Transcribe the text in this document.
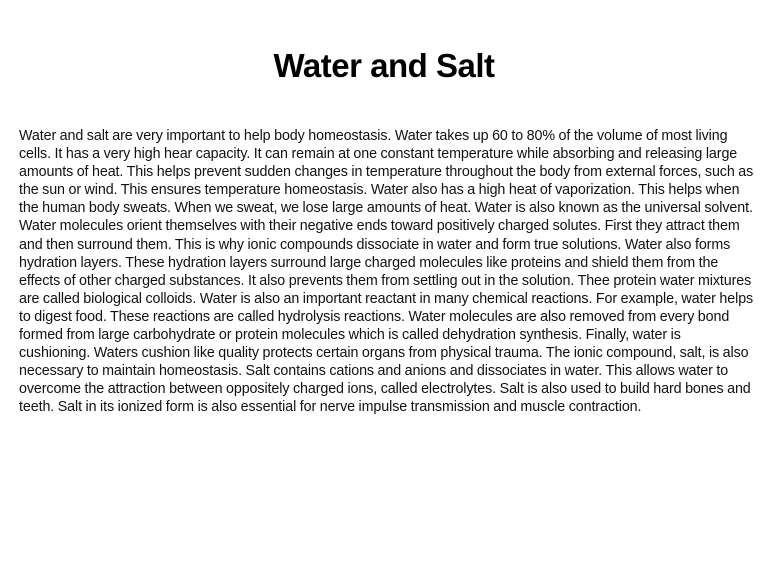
Water and Salt

Water and salt are very important to help body homeostasis. Water takes up 60 to 80% of the volume of most living cells. It has a very high hear capacity. It can remain at one constant temperature while absorbing and releasing large amounts of heat. This helps prevent sudden changes in temperature throughout the body from external forces, such as the sun or wind. This ensures temperature homeostasis. Water also has a high heat of vaporization. This helps when the human body sweats. When we sweat, we lose large amounts of heat. Water is also known as the universal solvent. Water molecules orient themselves with their negative ends toward positively charged solutes. First they attract them and then surround them. This is why ionic compounds dissociate in water and form true solutions. Water also forms hydration layers. These hydration layers surround large charged molecules like proteins and shield them from the effects of other charged substances. It also prevents them from settling out in the solution. Thee protein water mixtures are called biological colloids. Water is also an important reactant in many chemical reactions. For example, water helps to digest food. These reactions are called hydrolysis reactions. Water molecules are also removed from every bond formed from large carbohydrate or protein molecules which is called dehydration synthesis. Finally, water is cushioning. Waters cushion like quality protects certain organs from physical trauma. The ionic compound, salt, is also necessary to maintain homeostasis. Salt contains cations and anions and dissociates in water. This allows water to overcome the attraction between oppositely charged ions, called electrolytes. Salt is also used to build hard bones and teeth. Salt in its ionized form is also essential for nerve impulse transmission and muscle contraction.
